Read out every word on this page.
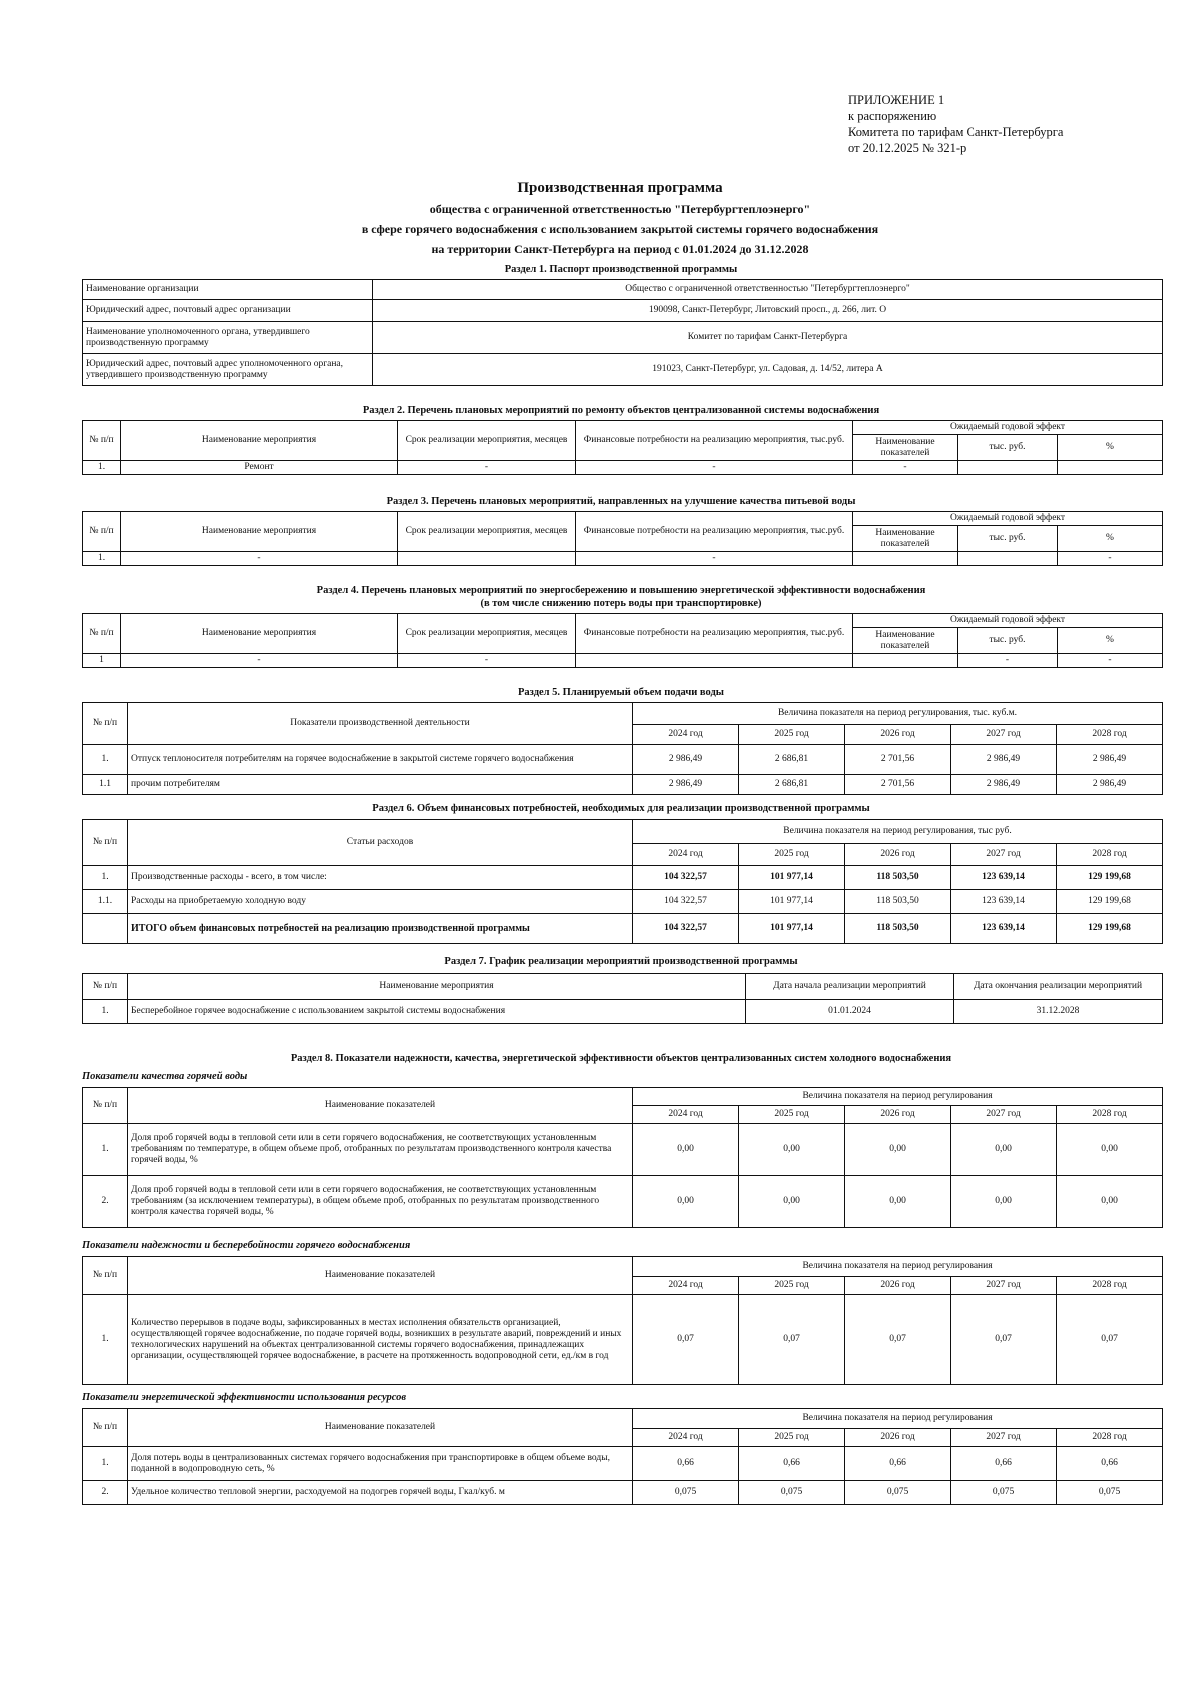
ПРИЛОЖЕНИЕ 1
к распоряжению
Комитета по тарифам Санкт-Петербурга
от 20.12.2025 № 321-р
Производственная программа
общества с ограниченной ответственностью "Петербургтеплоэнерго"
в сфере горячего водоснабжения с использованием закрытой системы горячего водоснабжения
на территории Санкт-Петербурга на период с 01.01.2024 до 31.12.2028
Раздел 1. Паспорт производственной программы
Наименование организации	Общество с ограниченной ответственностью "Петербургтеплоэнерго"
Юридический адрес, почтовый адрес организации	190098, Санкт-Петербург, Литовский просп., д. 266, лит. О
Наименование уполномоченного органа, утвердившего производственную программу	Комитет по тарифам Санкт-Петербурга
Юридический адрес, почтовый адрес уполномоченного органа, утвердившего производственную программу	191023, Санкт-Петербург, ул. Садовая, д. 14/52, литера А
Раздел 2. Перечень плановых мероприятий по ремонту объектов централизованной системы водоснабжения
№ п/п	Наименование мероприятия	Срок реализации мероприятия, месяцев	Финансовые потребности на реализацию мероприятия, тыс.руб.	Ожидаемый годовой эффект		
				Наименование показателей	тыс. руб.	%
1.	Ремонт	-	-	-		
Раздел 3. Перечень плановых мероприятий, направленных на улучшение качества питьевой воды
№ п/п	Наименование мероприятия	Срок реализации мероприятия, месяцев	Финансовые потребности на реализацию мероприятия, тыс.руб.	Ожидаемый годовой эффект		
				Наименование показателей	тыс. руб.	%
1.	-		-			-
Раздел 4. Перечень плановых мероприятий по энергосбережению и повышению энергетической эффективности водоснабжения
(в том числе снижению потерь воды при транспортировке)
№ п/п	Наименование мероприятия	Срок реализации мероприятия, месяцев	Финансовые потребности на реализацию мероприятия, тыс.руб.	Ожидаемый годовой эффект		
				Наименование показателей	тыс. руб.	%
1	-	-			-	-
Раздел 5. Планируемый объем подачи воды
№ п/п	Показатели производственной деятельности	Величина показателя на период регулирования, тыс. куб.м.				
		2024 год	2025 год	2026 год	2027 год	2028 год
1.	Отпуск теплоносителя потребителям на горячее водоснабжение в закрытой системе горячего водоснабжения	2 986,49	2 686,81	2 701,56	2 986,49	2 986,49
1.1	прочим потребителям	2 986,49	2 686,81	2 701,56	2 986,49	2 986,49
Раздел 6. Объем финансовых потребностей, необходимых для реализации производственной программы
№ п/п	Статьи расходов	Величина показателя на период регулирования, тыс руб.				
		2024 год	2025 год	2026 год	2027 год	2028 год
1.	Производственные расходы - всего, в том числе:	104 322,57	101 977,14	118 503,50	123 639,14	129 199,68
1.1.	Расходы на приобретаемую холодную воду	104 322,57	101 977,14	118 503,50	123 639,14	129 199,68
	ИТОГО объем финансовых потребностей на реализацию производственной программы	104 322,57	101 977,14	118 503,50	123 639,14	129 199,68
Раздел 7. График реализации мероприятий производственной программы
№ п/п	Наименование мероприятия	Дата начала реализации мероприятий	Дата окончания реализации мероприятий
1.	Бесперебойное горячее водоснабжение с использованием закрытой системы водоснабжения	01.01.2024	31.12.2028
Раздел 8. Показатели надежности, качества, энергетической эффективности объектов централизованных систем холодного водоснабжения
Показатели качества горячей воды
№ п/п	Наименование показателей	Величина показателя на период регулирования				
		2024 год	2025 год	2026 год	2027 год	2028 год
1.	Доля проб горячей воды в тепловой сети или в сети горячего водоснабжения, не соответствующих установленным требованиям по температуре, в общем объеме проб, отобранных по результатам производственного контроля качества горячей воды, %	0,00	0,00	0,00	0,00	0,00
2.	Доля проб горячей воды в тепловой сети или в сети горячего водоснабжения, не соответствующих установленным требованиям (за исключением температуры), в общем объеме проб, отобранных по результатам производственного контроля качества горячей воды, %	0,00	0,00	0,00	0,00	0,00
Показатели надежности и бесперебойности горячего водоснабжения
№ п/п	Наименование показателей	Величина показателя на период регулирования				
		2024 год	2025 год	2026 год	2027 год	2028 год
1.	Количество перерывов в подаче воды, зафиксированных в местах исполнения обязательств организацией, осуществляющей горячее водоснабжение, по подаче горячей воды, возникших в результате аварий, повреждений и иных технологических нарушений на объектах централизованной системы горячего водоснабжения, принадлежащих организации, осуществляющей горячее водоснабжение, в расчете на протяженность водопроводной сети, ед./км в год	0,07	0,07	0,07	0,07	0,07
Показатели энергетической эффективности использования ресурсов
№ п/п	Наименование показателей	Величина показателя на период регулирования				
		2024 год	2025 год	2026 год	2027 год	2028 год
1.	Доля потерь воды в централизованных системах горячего водоснабжения при транспортировке в общем объеме воды, поданной в водопроводную сеть, %	0,66	0,66	0,66	0,66	0,66
2.	Удельное количество тепловой энергии, расходуемой на подогрев горячей воды, Гкал/куб. м	0,075	0,075	0,075	0,075	0,075
